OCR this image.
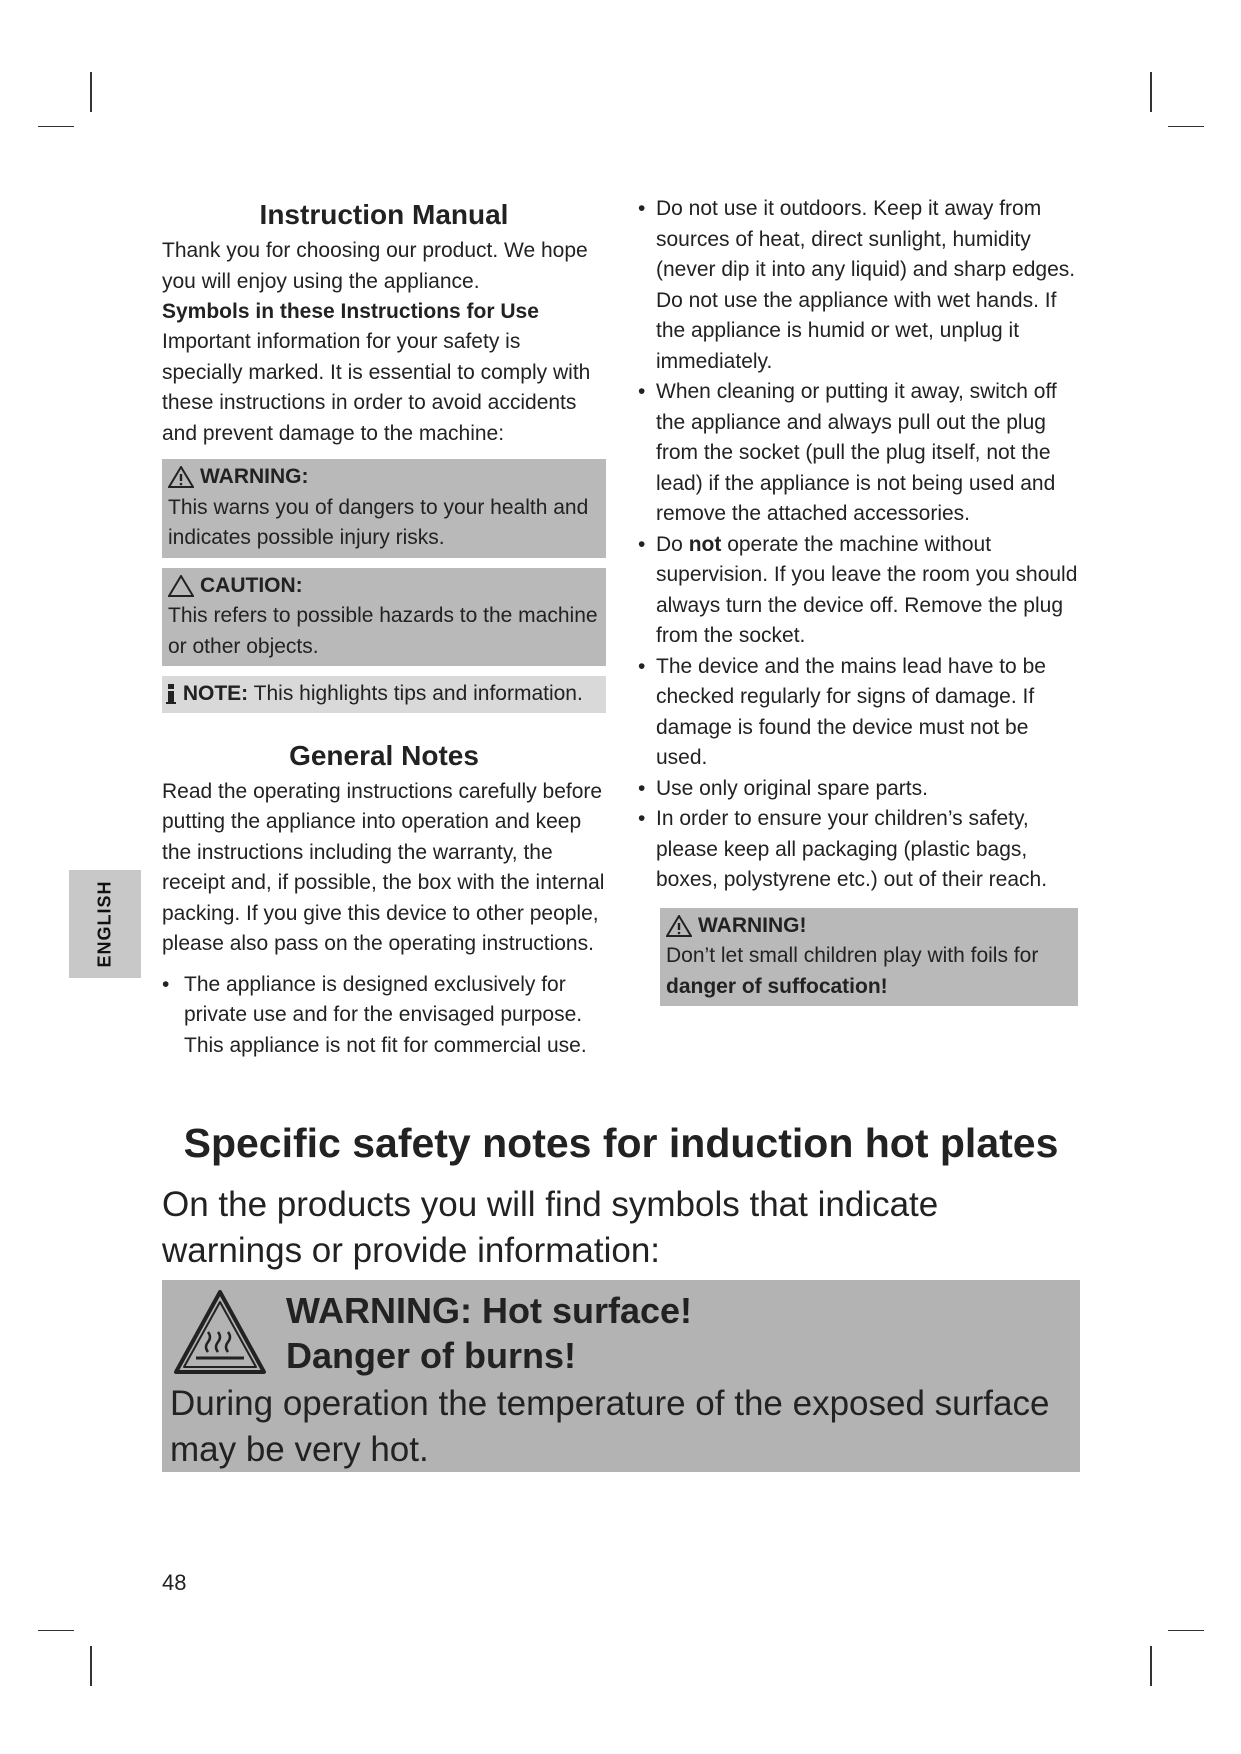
ENGLISH
Instruction Manual

Thank you for choosing our product. We hope you will enjoy using the appliance.

Symbols in these Instructions for Use

Important information for your safety is specially marked. It is essential to comply with these instructions in order to avoid accidents and prevent damage to the machine:

WARNING:

This warns you of dangers to your health and indicates possible injury risks.

CAUTION:

This refers to possible hazards to the machine or other objects.

NOTE: This highlights tips and information.
General Notes

Read the operating instructions carefully before putting the appliance into operation and keep the instructions including the warranty, the receipt and, if possible, the box with the internal packing. If you give this device to other people, please also pass on the operating instructions.

• The appliance is designed exclusively for private use and for the envisaged purpose. This appliance is not fit for commercial use.
• Do not use it outdoors. Keep it away from sources of heat, direct sunlight, humidity (never dip it into any liquid) and sharp edges. Do not use the appliance with wet hands. If the appliance is humid or wet, unplug it immediately.
• When cleaning or putting it away, switch off the appliance and always pull out the plug from the socket (pull the plug itself, not the lead) if the appliance is not being used and remove the attached accessories.
• Do not operate the machine without supervision. If you leave the room you should always turn the device off. Remove the plug from the socket.
• The device and the mains lead have to be checked regularly for signs of damage. If damage is found the device must not be used.
• Use only original spare parts.
• In order to ensure your children’s safety, please keep all packaging (plastic bags, boxes, polystyrene etc.) out of their reach.
WARNING!

Don’t let small children play with foils for danger of suffocation!

Specific safety notes for induction hot plates
On the products you will find symbols that indicate warnings or provide information:
WARNING: Hot surface!
Danger of burns!
During operation the temperature of the exposed surface may be very hot.
48
